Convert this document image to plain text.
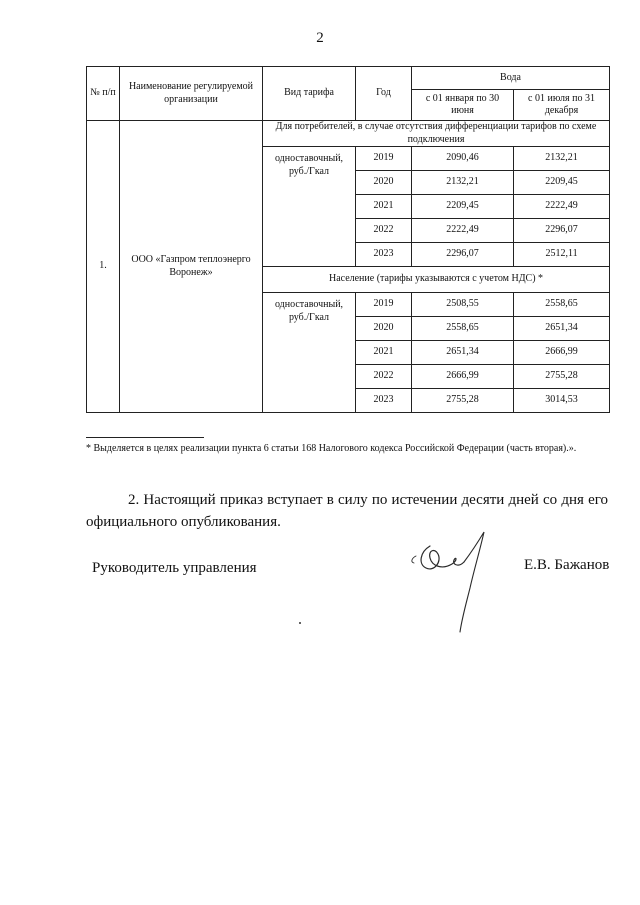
2
№ п/п	Наименование регулируемой организации	Вид тарифа	Год	Вода	
				с 01 января по 30 июня	с 01 июля по 31 декабря
1.	ООО «Газпром теплоэнерго Воронеж»	Для потребителей, в случае отсутствия дифференциации тарифов по схеме подключения			
		одноставочный, руб./Гкал	2019	2090,46	2132,21
			2020	2132,21	2209,45
			2021	2209,45	2222,49
			2022	2222,49	2296,07
			2023	2296,07	2512,11
		Население (тарифы указываются с учетом НДС) *			
		одноставочный, руб./Гкал	2019	2508,55	2558,65
			2020	2558,65	2651,34
			2021	2651,34	2666,99
			2022	2666,99	2755,28
			2023	2755,28	3014,53
* Выделяется в целях реализации пункта 6 статьи 168 Налогового кодекса Российской Федерации (часть вторая).».
2. Настоящий приказ вступает в силу по истечении десяти дней со дня его официального опубликования.
Руководитель управления	Е.В. Бажанов
